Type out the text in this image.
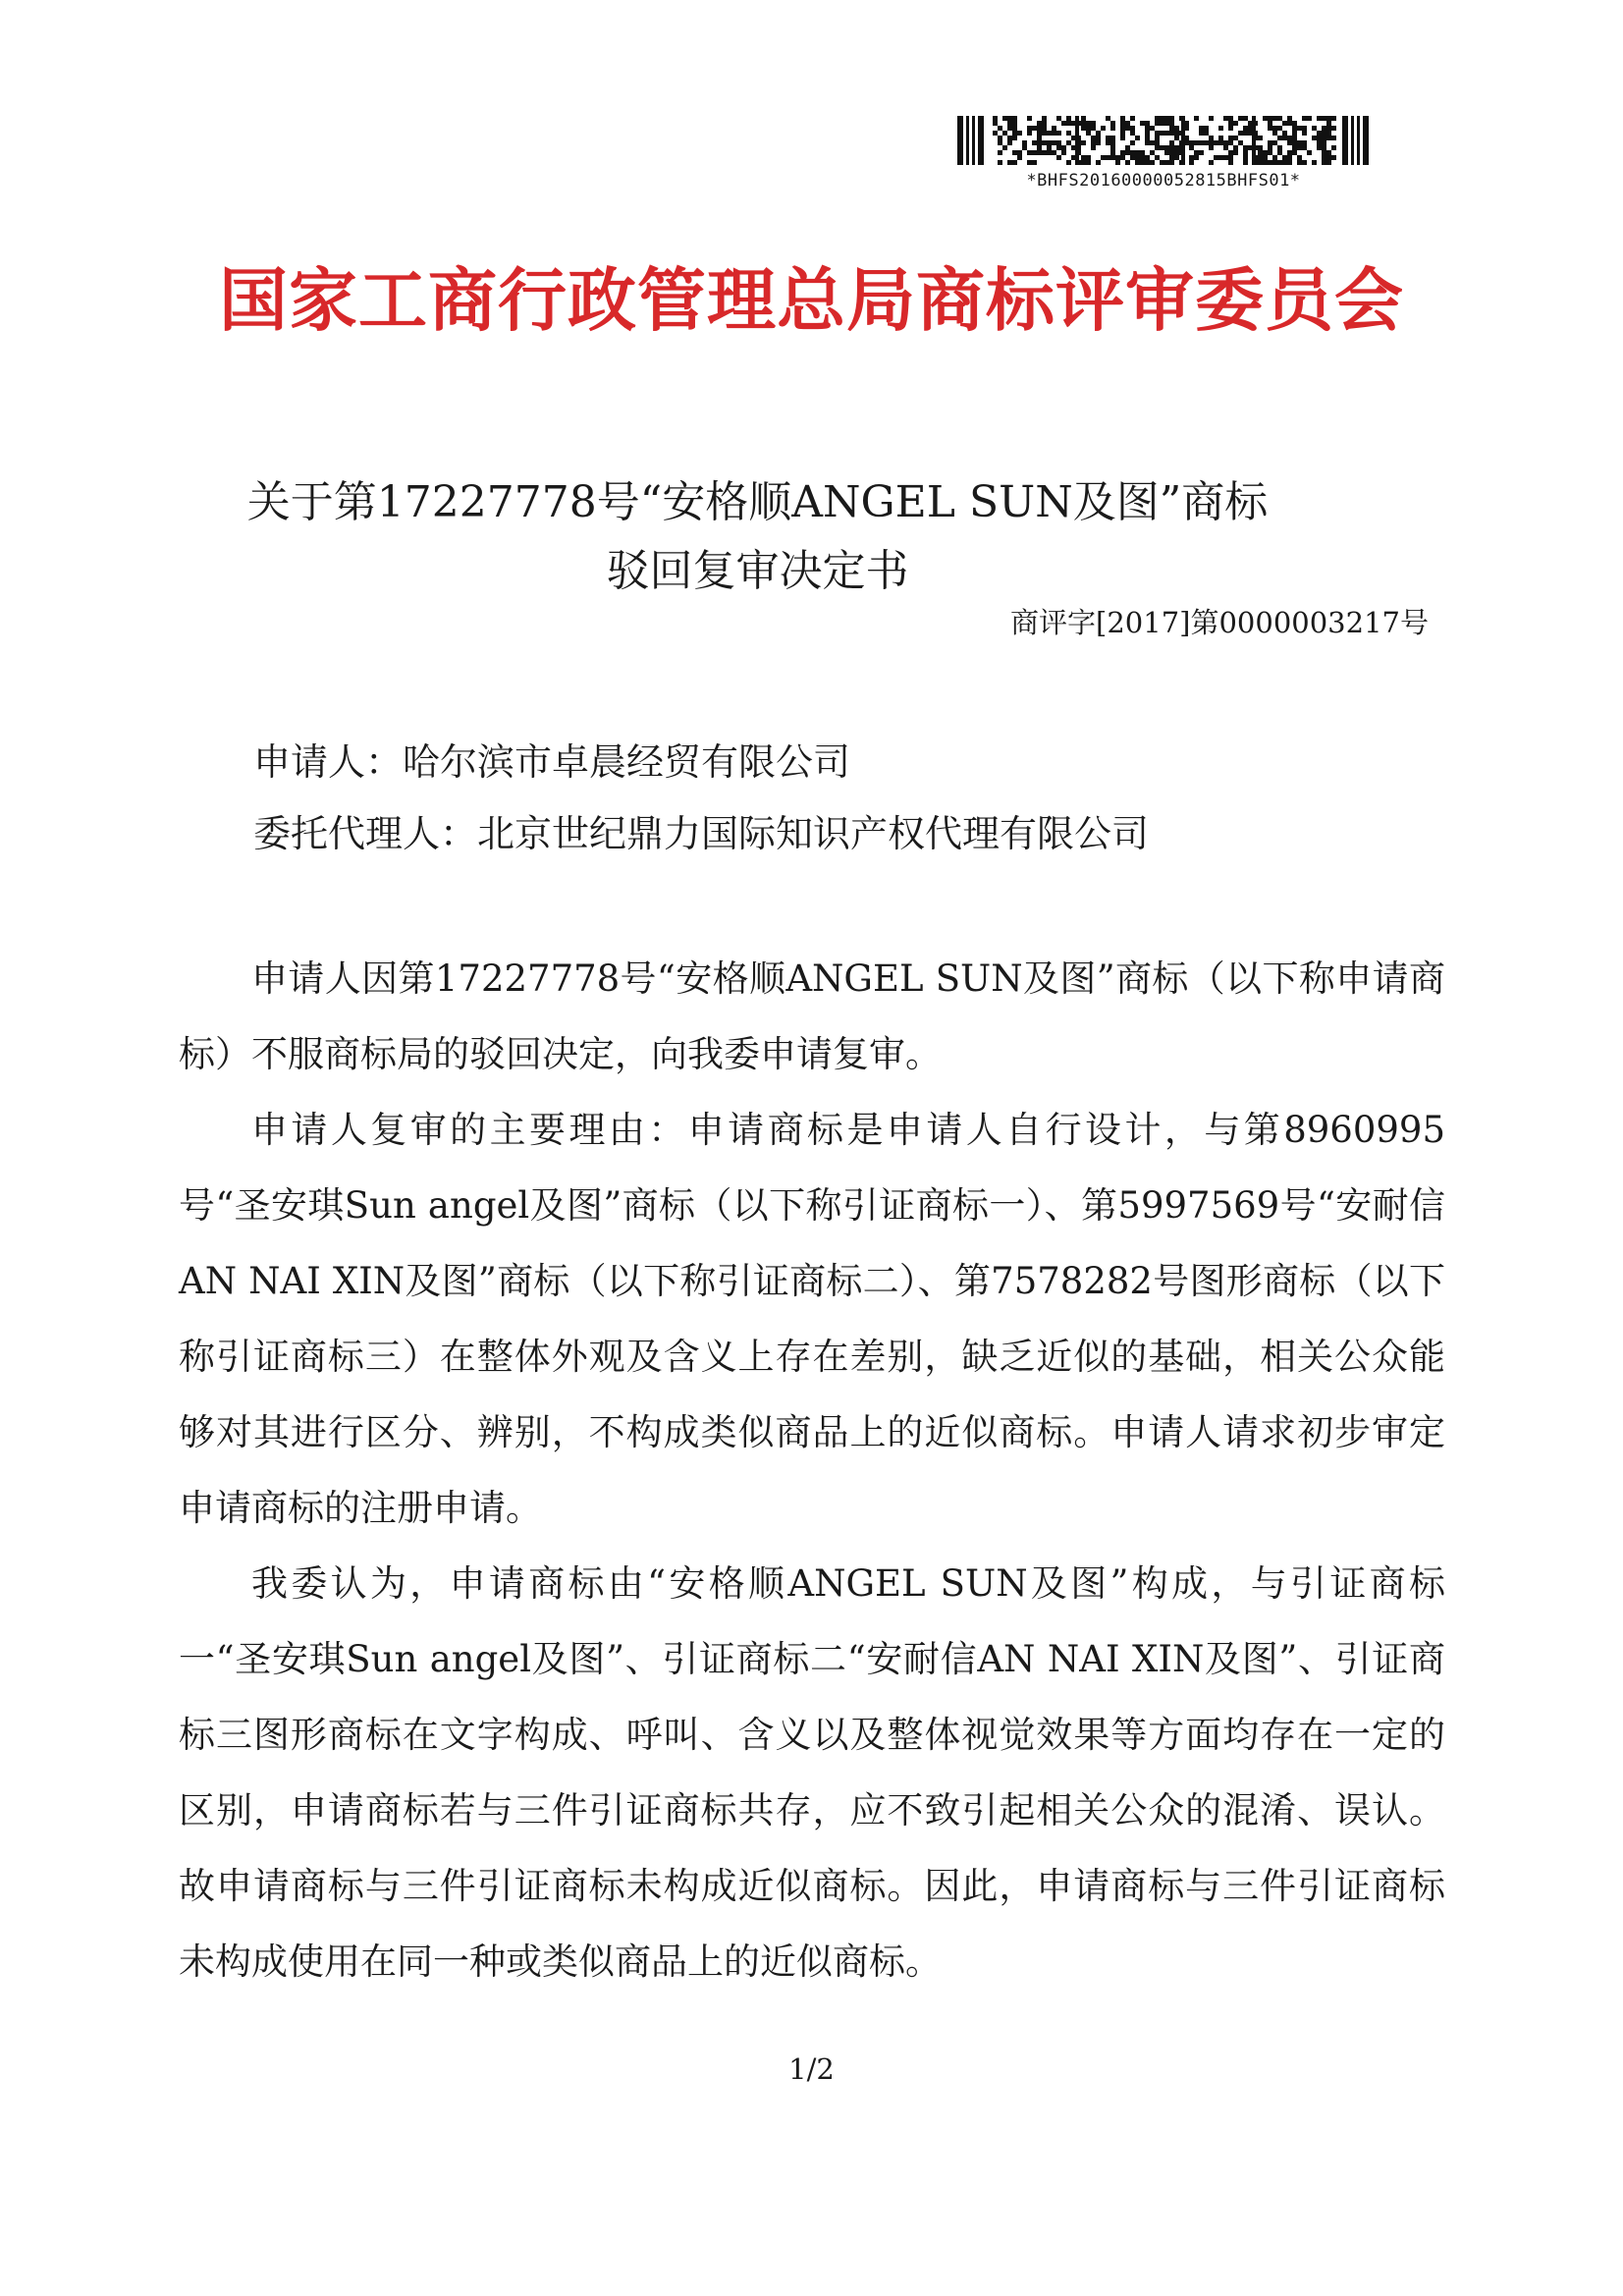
*BHFS20160000052815BHFS01*
国家工商行政管理总局商标评审委员会
关于第17227778号“安格顺ANGEL SUN及图”商标
驳回复审决定书
商评字[2017]第0000003217号
申请人：哈尔滨市卓晨经贸有限公司
委托代理人：北京世纪鼎力国际知识产权代理有限公司

申请人因第17227778号“安格顺ANGEL SUN及图”商标（以下称申请商标）不服商标局的驳回决定，向我委申请复审。

申请人复审的主要理由：申请商标是申请人自行设计，与第8960995号“圣安琪Sun angel及图”商标（以下称引证商标一）、第5997569号“安耐信AN NAI XIN及图”商标（以下称引证商标二）、第7578282号图形商标（以下称引证商标三）在整体外观及含义上存在差别，缺乏近似的基础，相关公众能够对其进行区分、辨别，不构成类似商品上的近似商标。申请人请求初步审定申请商标的注册申请。

我委认为，申请商标由“安格顺ANGEL SUN及图”构成，与引证商标一“圣安琪Sun angel及图”、引证商标二“安耐信AN NAI XIN及图”、引证商标三图形商标在文字构成、呼叫、含义以及整体视觉效果等方面均存在一定的区别，申请商标若与三件引证商标共存，应不致引起相关公众的混淆、误认。故申请商标与三件引证商标未构成近似商标。因此，申请商标与三件引证商标未构成使用在同一种或类似商品上的近似商标。

1/2
